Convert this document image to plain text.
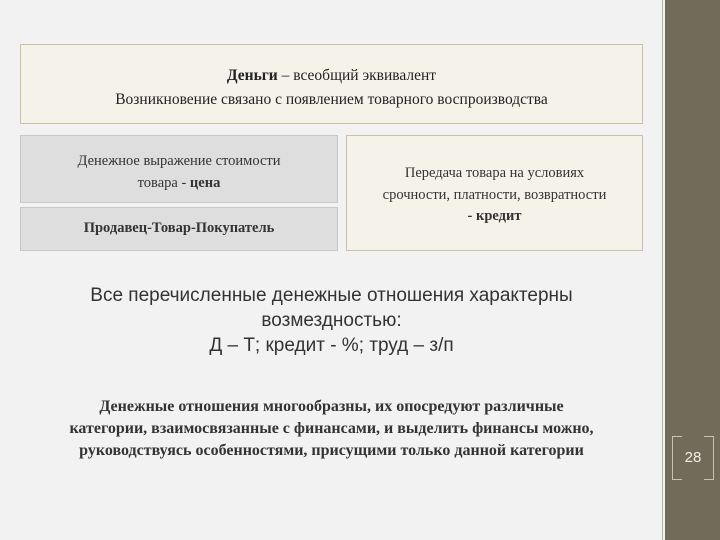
Деньги – всеобщий эквивалент
Возникновение связано с появлением товарного воспроизводства
Денежное выражение стоимости
товара - цена
Продавец-Товар-Покупатель
Передача товара на условиях
срочности, платности, возвратности
- кредит
Все перечисленные денежные отношения характерны
возмездностью:
Д – Т; кредит - %; труд – з/п
Денежные отношения многообразны, их опосредуют различные
категории, взаимосвязанные с финансами, и выделить финансы можно,
руководствуясь особенностями, присущими только данной категории	28
